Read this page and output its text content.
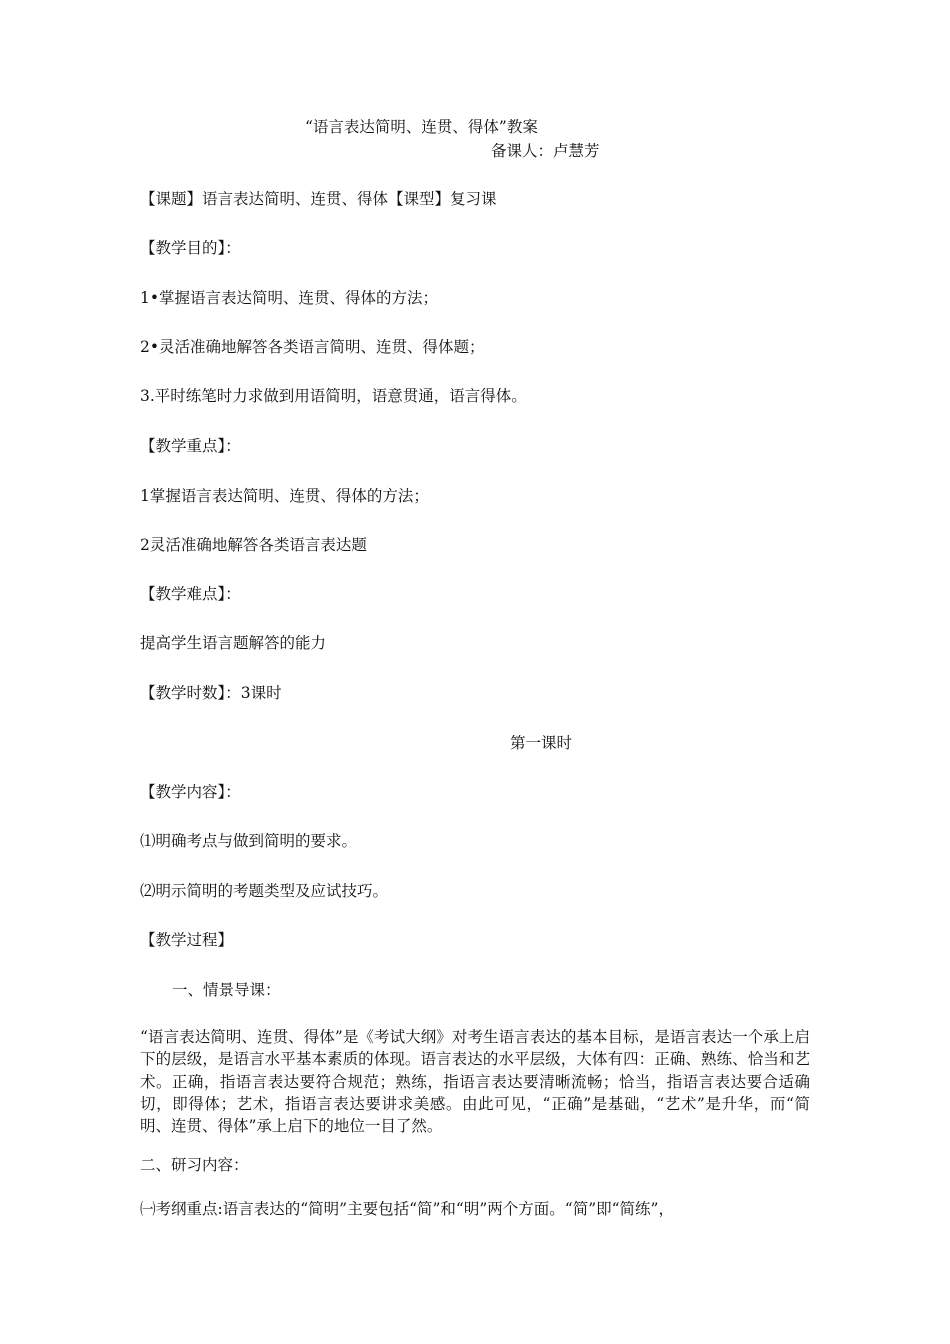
“语言表达简明、连贯、得体”教案

备课人：卢慧芳

【课题】语言表达简明、连贯、得体【课型】复习课

【教学目的】：

1•掌握语言表达简明、连贯、得体的方法；

2•灵活准确地解答各类语言简明、连贯、得体题；

3.平时练笔时力求做到用语简明，语意贯通，语言得体。

【教学重点】：

1掌握语言表达简明、连贯、得体的方法；

2灵活准确地解答各类语言表达题

【教学难点】：

提高学生语言题解答的能力

【教学时数】：3课时

第一课时

【教学内容】：

⑴明确考点与做到简明的要求。

⑵明示简明的考题类型及应试技巧。

【教学过程】

一、情景导课：

“语言表达简明、连贯、得体”是《考试大纲》对考生语言表达的基本目标，是语言表达一个承上启下的层级，是语言水平基本素质的体现。语言表达的水平层级，大体有四：正确、熟练、恰当和艺术。正确，指语言表达要符合规范；熟练，指语言表达要清晰流畅；恰当，指语言表达要合适确切，即得体；艺术，指语言表达要讲求美感。由此可见，“正确”是基础，“艺术”是升华，而“简明、连贯、得体”承上启下的地位一目了然。

二、研习内容：

㈠考纲重点:语言表达的“简明”主要包括“简”和“明”两个方面。“简”即“简练”，
